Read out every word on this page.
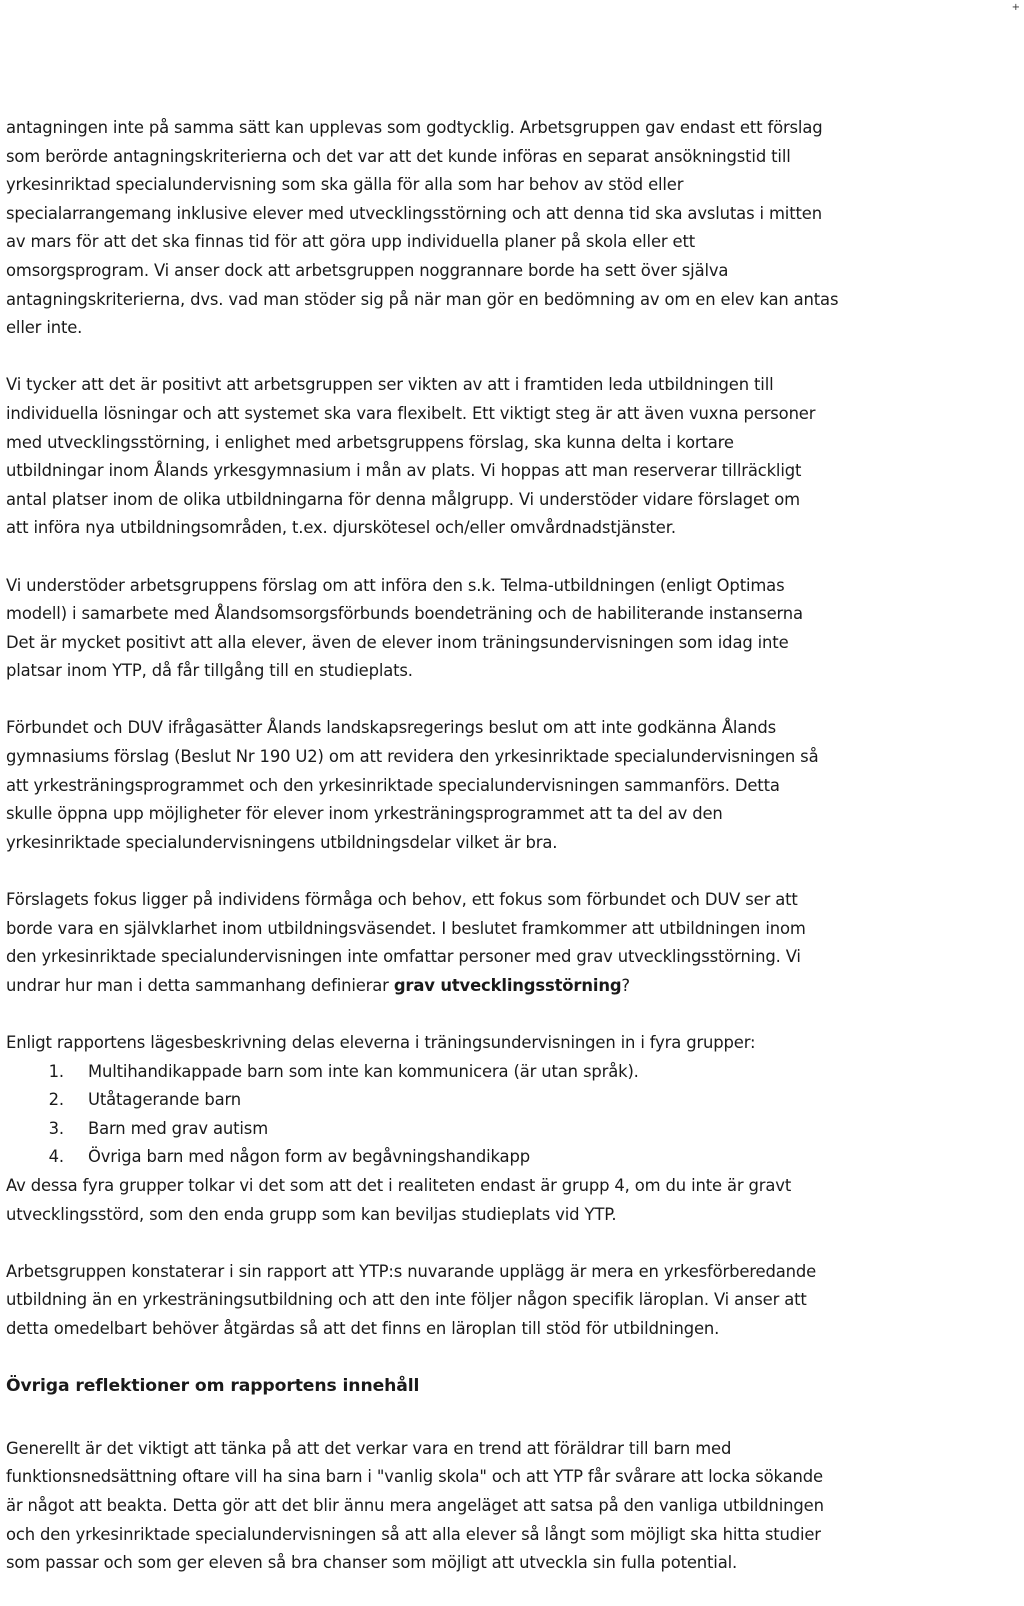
+

antagningen inte på samma sätt kan upplevas som godtycklig. Arbetsgruppen gav endast ett förslag
som berörde antagningskriterierna och det var att det kunde införas en separat ansökningstid till
yrkesinriktad specialundervisning som ska gälla för alla som har behov av stöd eller
specialarrangemang inklusive elever med utvecklingsstörning och att denna tid ska avslutas i mitten
av mars för att det ska finnas tid för att göra upp individuella planer på skola eller ett
omsorgsprogram. Vi anser dock att arbetsgruppen noggrannare borde ha sett över själva
antagningskriterierna, dvs. vad man stöder sig på när man gör en bedömning av om en elev kan antas
eller inte.

Vi tycker att det är positivt att arbetsgruppen ser vikten av att i framtiden leda utbildningen till
individuella lösningar och att systemet ska vara flexibelt. Ett viktigt steg är att även vuxna personer
med utvecklingsstörning, i enlighet med arbetsgruppens förslag, ska kunna delta i kortare
utbildningar inom Ålands yrkesgymnasium i mån av plats. Vi hoppas att man reserverar tillräckligt
antal platser inom de olika utbildningarna för denna målgrupp. Vi understöder vidare förslaget om
att införa nya utbildningsområden, t.ex. djurskötesel och/eller omvårdnadstjänster.

Vi understöder arbetsgruppens förslag om att införa den s.k. Telma-utbildningen (enligt Optimas
modell) i samarbete med Ålandsomsorgsförbunds boendeträning och de habiliterande instanserna
Det är mycket positivt att alla elever, även de elever inom träningsundervisningen som idag inte
platsar inom YTP, då får tillgång till en studieplats.

Förbundet och DUV ifrågasätter Ålands landskapsregerings beslut om att inte godkänna Ålands
gymnasiums förslag (Beslut Nr 190 U2) om att revidera den yrkesinriktade specialundervisningen så
att yrkesträningsprogrammet och den yrkesinriktade specialundervisningen sammanförs. Detta
skulle öppna upp möjligheter för elever inom yrkesträningsprogrammet att ta del av den
yrkesinriktade specialundervisningens utbildningsdelar vilket är bra.

Förslagets fokus ligger på individens förmåga och behov, ett fokus som förbundet och DUV ser att
borde vara en självklarhet inom utbildningsväsendet. I beslutet framkommer att utbildningen inom
den yrkesinriktade specialundervisningen inte omfattar personer med grav utvecklingsstörning. Vi
undrar hur man i detta sammanhang definierar grav utvecklingsstörning?

Enligt rapportens lägesbeskrivning delas eleverna i träningsundervisningen in i fyra grupper:

1.	Multihandikappade barn som inte kan kommunicera (är utan språk).
2.	Utåtagerande barn
3.	Barn med grav autism
4.	Övriga barn med någon form av begåvningshandikapp

Av dessa fyra grupper tolkar vi det som att det i realiteten endast är grupp 4, om du inte är gravt
utvecklingsstörd, som den enda grupp som kan beviljas studieplats vid YTP.

Arbetsgruppen konstaterar i sin rapport att YTP:s nuvarande upplägg är mera en yrkesförberedande
utbildning än en yrkesträningsutbildning och att den inte följer någon specifik läroplan. Vi anser att
detta omedelbart behöver åtgärdas så att det finns en läroplan till stöd för utbildningen.

Övriga reflektioner om rapportens innehåll

Generellt är det viktigt att tänka på att det verkar vara en trend att föräldrar till barn med
funktionsnedsättning oftare vill ha sina barn i "vanlig skola" och att YTP får svårare att locka sökande
är något att beakta. Detta gör att det blir ännu mera angeläget att satsa på den vanliga utbildningen
och den yrkesinriktade specialundervisningen så att alla elever så långt som möjligt ska hitta studier
som passar och som ger eleven så bra chanser som möjligt att utveckla sin fulla potential.
